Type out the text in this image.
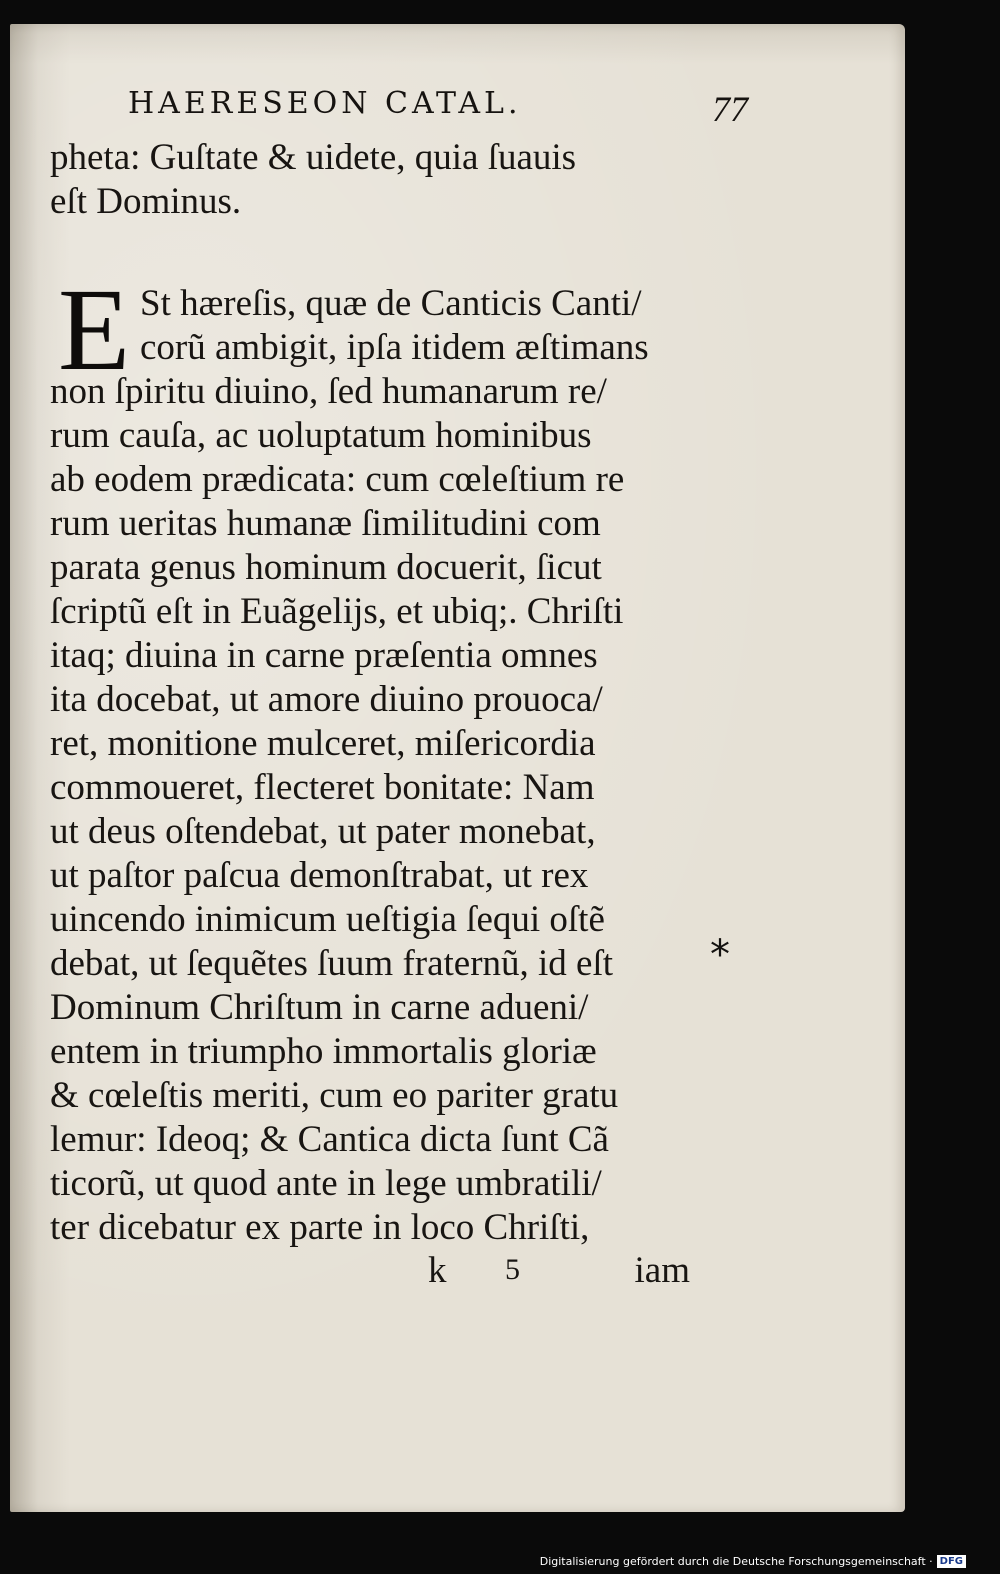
HAERESEON CATAL.	77
pheta: Guſtate & uidete, quia ſuauis
eſt Dominus.
E St hæreſis, quæ de Canticis Canti/
corũ ambigit, ipſa itidem æſtimans
non ſpiritu diuino, ſed humanarum re/
rum cauſa, ac uoluptatum hominibus
ab eodem prædicata: cum cœleſtium re
rum ueritas humanæ ſimilitudini com
parata genus hominum docuerit, ſicut
ſcriptũ eſt in Euãgelijs, et ubiq;. Chriſti
itaq; diuina in carne præſentia omnes
ita docebat, ut amore diuino prouoca/
ret, monitione mulceret, miſericordia
commoueret, flecteret bonitate: Nam
ut deus oſtendebat, ut pater monebat,
ut paſtor paſcua demonſtrabat, ut rex
uincendo inimicum ueſtigia ſequi oſtẽ
debat, ut ſequẽtes ſuum fraternũ, id eſt
Dominum Chriſtum in carne adueni/
entem in triumpho immortalis gloriæ
& cœleſtis meriti, cum eo pariter gratu
lemur: Ideoq; & Cantica dicta ſunt Cã
ticorũ, ut quod ante in lege umbratili/
ter dicebatur ex parte in loco Chriſti,
*
k 5	iam
Digitalisierung gefördert durch die Deutsche Forschungsgemeinschaft · DFG
